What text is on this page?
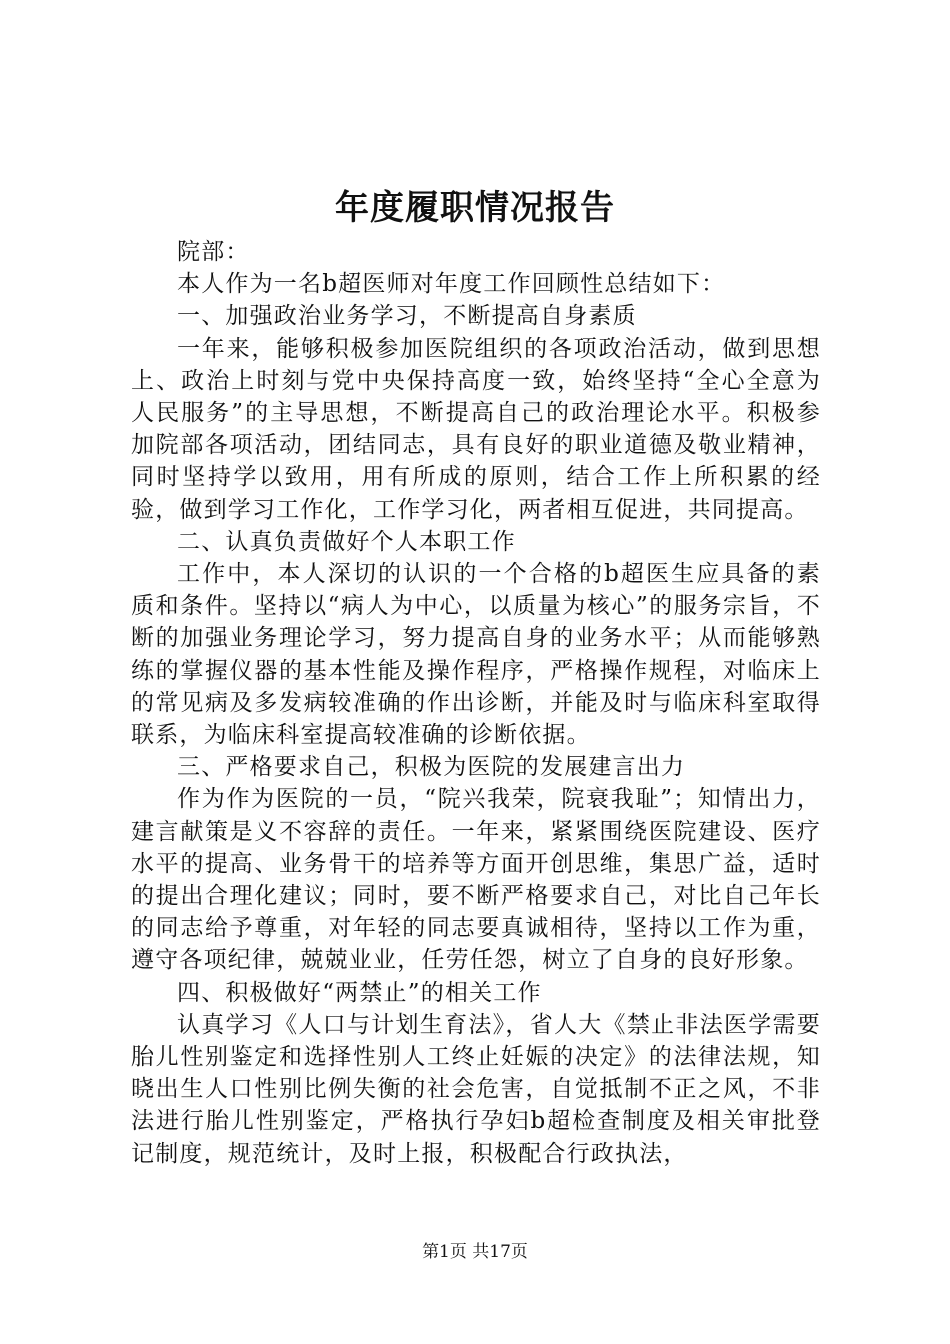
年度履职情况报告

院部：

本人作为一名b超医师对年度工作回顾性总结如下：

一、加强政治业务学习，不断提高自身素质

一年来，能够积极参加医院组织的各项政治活动，做到思想上、政治上时刻与党中央保持高度一致，始终坚持“全心全意为人民服务”的主导思想，不断提高自己的政治理论水平。积极参加院部各项活动，团结同志，具有良好的职业道德及敬业精神，同时坚持学以致用，用有所成的原则，结合工作上所积累的经验，做到学习工作化，工作学习化，两者相互促进，共同提高。

二、认真负责做好个人本职工作

工作中，本人深切的认识的一个合格的b超医生应具备的素质和条件。坚持以“病人为中心，以质量为核心”的服务宗旨，不断的加强业务理论学习，努力提高自身的业务水平；从而能够熟练的掌握仪器的基本性能及操作程序，严格操作规程，对临床上的常见病及多发病较准确的作出诊断，并能及时与临床科室取得联系，为临床科室提高较准确的诊断依据。

三、严格要求自己，积极为医院的发展建言出力

作为作为医院的一员，“院兴我荣，院衰我耻”；知情出力，建言献策是义不容辞的责任。一年来，紧紧围绕医院建设、医疗水平的提高、业务骨干的培养等方面开创思维，集思广益，适时的提出合理化建议；同时，要不断严格要求自己，对比自己年长的同志给予尊重，对年轻的同志要真诚相待，坚持以工作为重，遵守各项纪律，兢兢业业，任劳任怨，树立了自身的良好形象。

四、积极做好“两禁止”的相关工作

认真学习《人口与计划生育法》，省人大《禁止非法医学需要胎儿性别鉴定和选择性别人工终止妊娠的决定》的法律法规，知晓出生人口性别比例失衡的社会危害，自觉抵制不正之风，不非法进行胎儿性别鉴定，严格执行孕妇b超检查制度及相关审批登记制度，规范统计，及时上报，积极配合行政执法，

第1页 共17页
